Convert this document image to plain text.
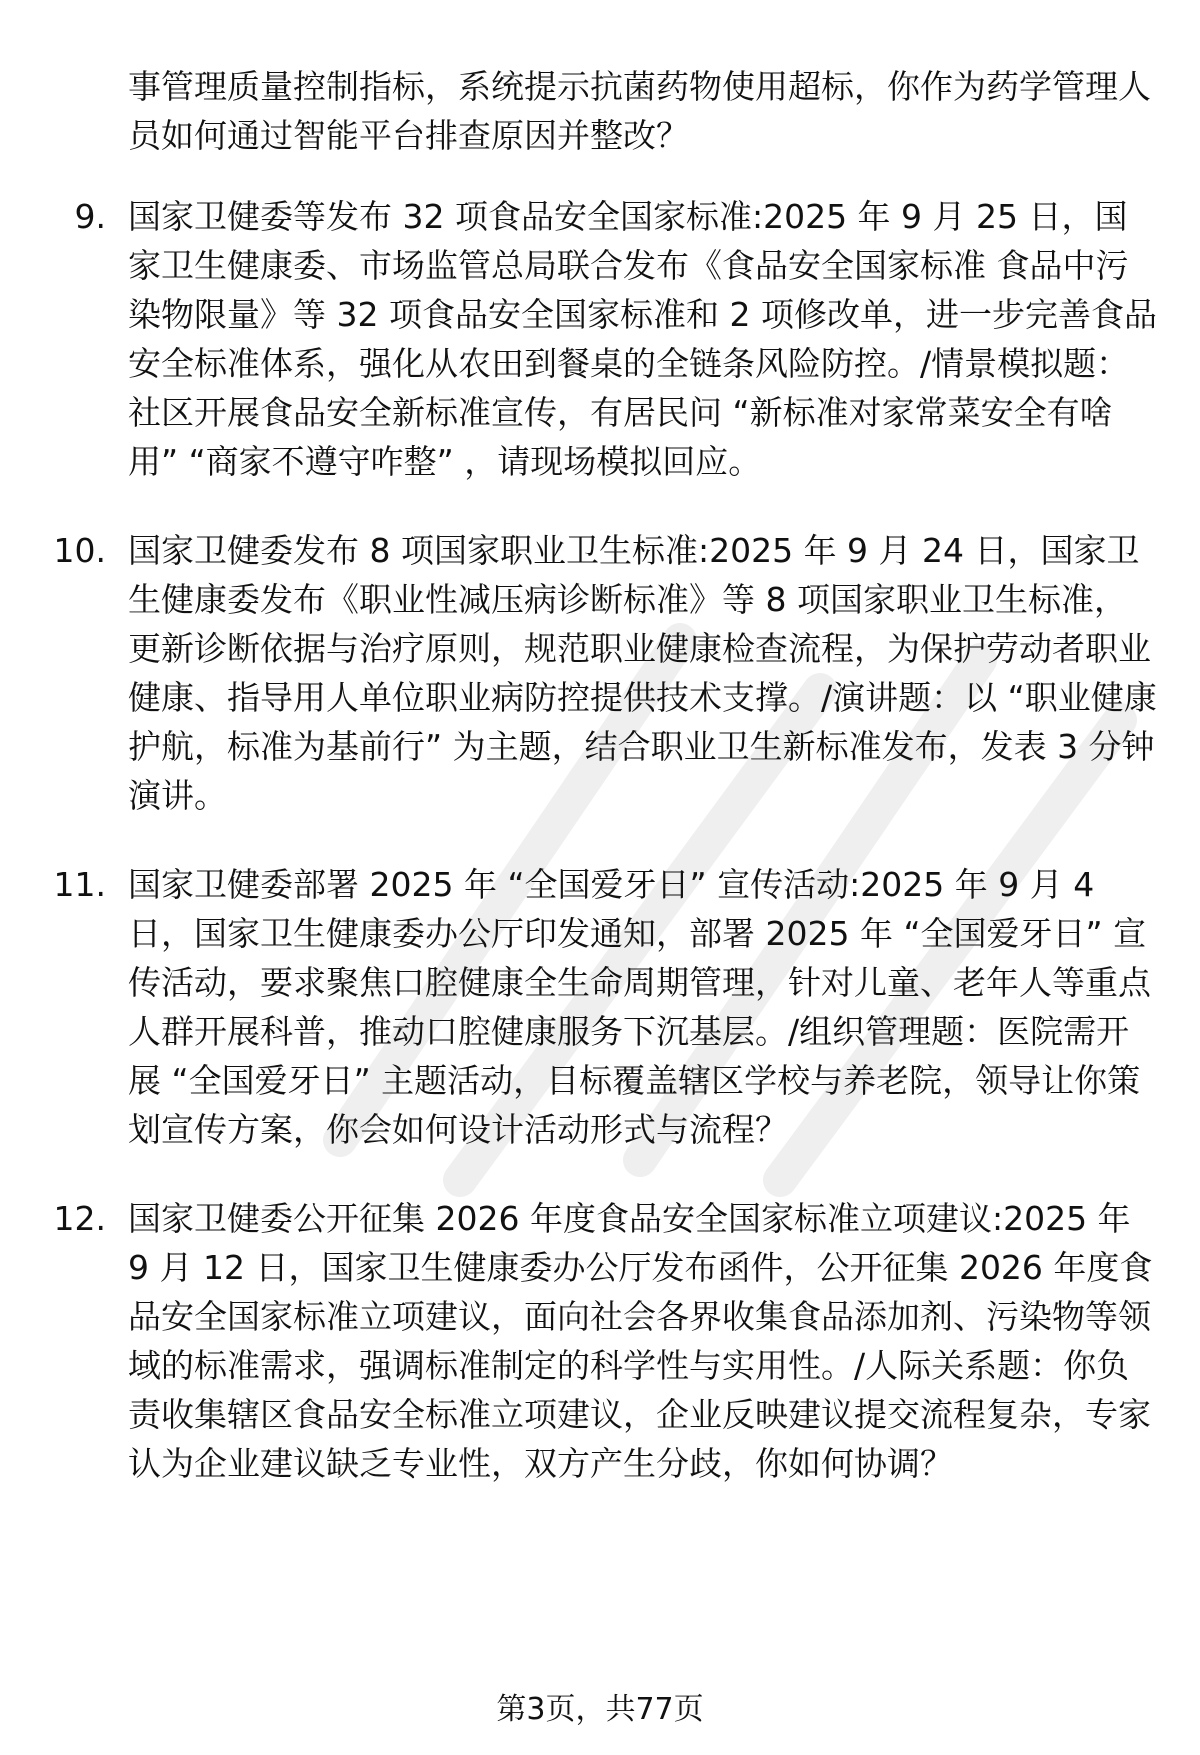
事管理质量控制指标，系统提示抗菌药物使用超标，你作为药学管理人员如何通过智能平台排查原因并整改？

9. 国家卫健委等发布 32 项食品安全国家标准:2025 年 9 月 25 日，国家卫生健康委、市场监管总局联合发布《食品安全国家标准 食品中污染物限量》等 32 项食品安全国家标准和 2 项修改单，进一步完善食品安全标准体系，强化从农田到餐桌的全链条风险防控。/情景模拟题：社区开展食品安全新标准宣传，有居民问 “新标准对家常菜安全有啥用” “商家不遵守咋整” ，请现场模拟回应。
10. 国家卫健委发布 8 项国家职业卫生标准:2025 年 9 月 24 日，国家卫生健康委发布《职业性减压病诊断标准》等 8 项国家职业卫生标准，更新诊断依据与治疗原则，规范职业健康检查流程，为保护劳动者职业健康、指导用人单位职业病防控提供技术支撑。/演讲题：以 “职业健康护航，标准为基前行” 为主题，结合职业卫生新标准发布，发表 3 分钟演讲。
11. 国家卫健委部署 2025 年 “全国爱牙日” 宣传活动:2025 年 9 月 4 日，国家卫生健康委办公厅印发通知，部署 2025 年 “全国爱牙日” 宣传活动，要求聚焦口腔健康全生命周期管理，针对儿童、老年人等重点人群开展科普，推动口腔健康服务下沉基层。/组织管理题：医院需开展 “全国爱牙日” 主题活动，目标覆盖辖区学校与养老院，领导让你策划宣传方案，你会如何设计活动形式与流程？
12. 国家卫健委公开征集 2026 年度食品安全国家标准立项建议:2025 年 9 月 12 日，国家卫生健康委办公厅发布函件，公开征集 2026 年度食品安全国家标准立项建议，面向社会各界收集食品添加剂、污染物等领域的标准需求，强调标准制定的科学性与实用性。/人际关系题：你负责收集辖区食品安全标准立项建议，企业反映建议提交流程复杂，专家认为企业建议缺乏专业性，双方产生分歧，你如何协调？
第3页，共77页
